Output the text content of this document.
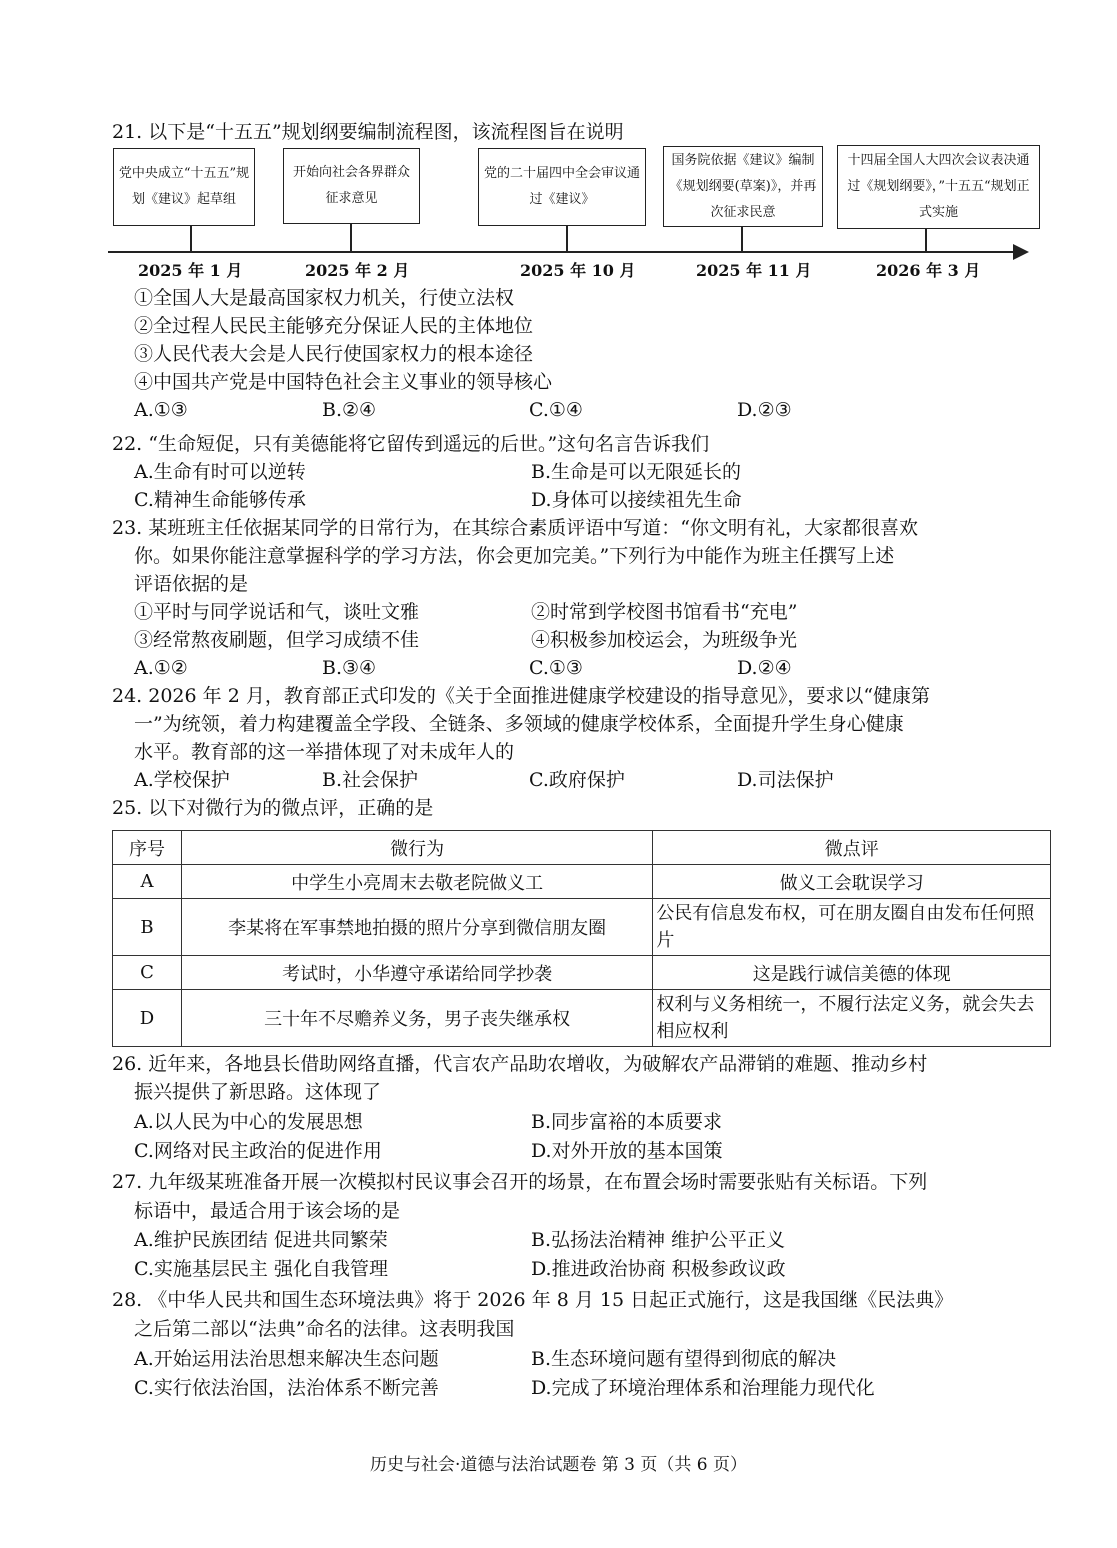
21. 以下是“十五五”规划纲要编制流程图，该流程图旨在说明
党中央成立“十五五”规划《建议》起草组
开始向社会各界群众征求意见
党的二十届四中全会审议通过《建议》
国务院依据《建议》编制《规划纲要(草案)》，并再次征求民意
十四届全国人大四次会议表决通过《规划纲要》，”十五五“规划正式实施
2025 年 1 月	2025 年 2 月	2025 年 10 月	2025 年 11 月	2026 年 3 月
①全国人大是最高国家权力机关，行使立法权
②全过程人民民主能够充分保证人民的主体地位
③人民代表大会是人民行使国家权力的根本途径
④中国共产党是中国特色社会主义事业的领导核心
A.①③	B.②④	C.①④	D.②③
22. “生命短促，只有美德能将它留传到遥远的后世。”这句名言告诉我们
A.生命有时可以逆转	B.生命是可以无限延长的
C.精神生命能够传承	D.身体可以接续祖先生命
23. 某班班主任依据某同学的日常行为，在其综合素质评语中写道：“你文明有礼，大家都很喜欢
你。如果你能注意掌握科学的学习方法，你会更加完美。”下列行为中能作为班主任撰写上述
评语依据的是
①平时与同学说话和气，谈吐文雅	②时常到学校图书馆看书“充电”
③经常熬夜刷题，但学习成绩不佳	④积极参加校运会，为班级争光
A.①②	B.③④	C.①③	D.②④
24. 2026 年 2 月，教育部正式印发的《关于全面推进健康学校建设的指导意见》，要求以“健康第
一”为统领，着力构建覆盖全学段、全链条、多领域的健康学校体系，全面提升学生身心健康
水平。教育部的这一举措体现了对未成年人的
A.学校保护	B.社会保护	C.政府保护	D.司法保护
25. 以下对微行为的微点评，正确的是
序号	微行为	微点评
A	中学生小亮周末去敬老院做义工	做义工会耽误学习
B	李某将在军事禁地拍摄的照片分享到微信朋友圈	公民有信息发布权，可在朋友圈自由发布任何照片
C	考试时，小华遵守承诺给同学抄袭	这是践行诚信美德的体现
D	三十年不尽赡养义务，男子丧失继承权	权利与义务相统一，不履行法定义务，就会失去相应权利
26. 近年来，各地县长借助网络直播，代言农产品助农增收，为破解农产品滞销的难题、推动乡村
振兴提供了新思路。这体现了
A.以人民为中心的发展思想	B.同步富裕的本质要求
C.网络对民主政治的促进作用	D.对外开放的基本国策
27. 九年级某班准备开展一次模拟村民议事会召开的场景，在布置会场时需要张贴有关标语。下列
标语中，最适合用于该会场的是
A.维护民族团结 促进共同繁荣	B.弘扬法治精神 维护公平正义
C.实施基层民主 强化自我管理	D.推进政治协商 积极参政议政
28. 《中华人民共和国生态环境法典》将于 2026 年 8 月 15 日起正式施行，这是我国继《民法典》
之后第二部以“法典”命名的法律。这表明我国
A.开始运用法治思想来解决生态问题	B.生态环境问题有望得到彻底的解决
C.实行依法治国，法治体系不断完善	D.完成了环境治理体系和治理能力现代化
历史与社会·道德与法治试题卷 第 3 页（共 6 页）
